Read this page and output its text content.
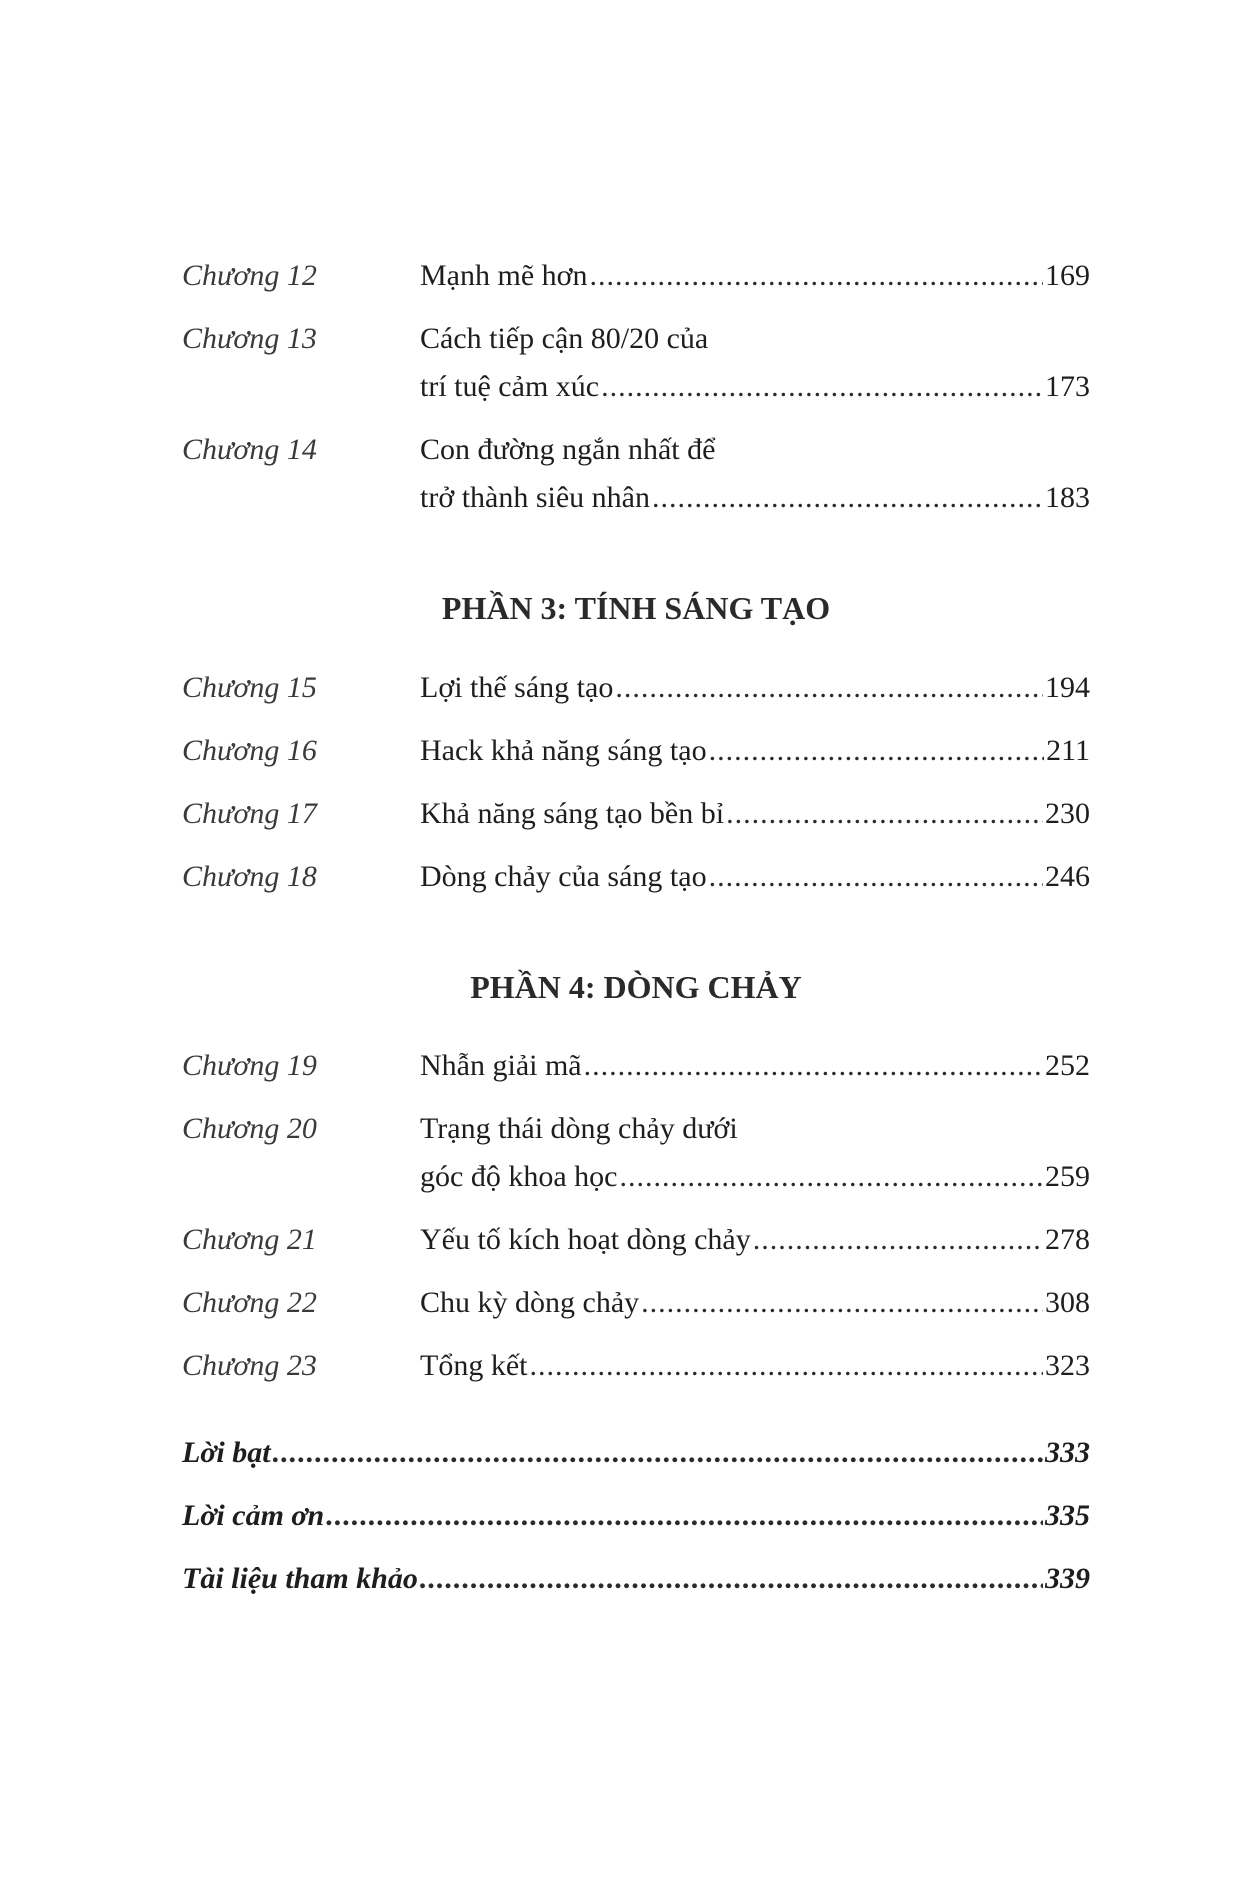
Chương 12	Mạnh mẽ hơn .....	169
Chương 13	Cách tiếp cận 80/20 của
trí tuệ cảm xúc .....	173
Chương 14	Con đường ngắn nhất để
trở thành siêu nhân .....	183
PHẦN 3: TÍNH SÁNG TẠO
Chương 15	Lợi thế sáng tạo .....	194
Chương 16	Hack khả năng sáng tạo .....	211
Chương 17	Khả năng sáng tạo bền bỉ .....	230
Chương 18	Dòng chảy của sáng tạo .....	246
PHẦN 4: DÒNG CHẢY
Chương 19	Nhẫn giải mã .....	252
Chương 20	Trạng thái dòng chảy dưới
góc độ khoa học .....	259
Chương 21	Yếu tố kích hoạt dòng chảy .....	278
Chương 22	Chu kỳ dòng chảy .....	308
Chương 23	Tổng kết .....	323
Lời bạt .....	333
Lời cảm ơn .....	335
Tài liệu tham khảo .....	339
